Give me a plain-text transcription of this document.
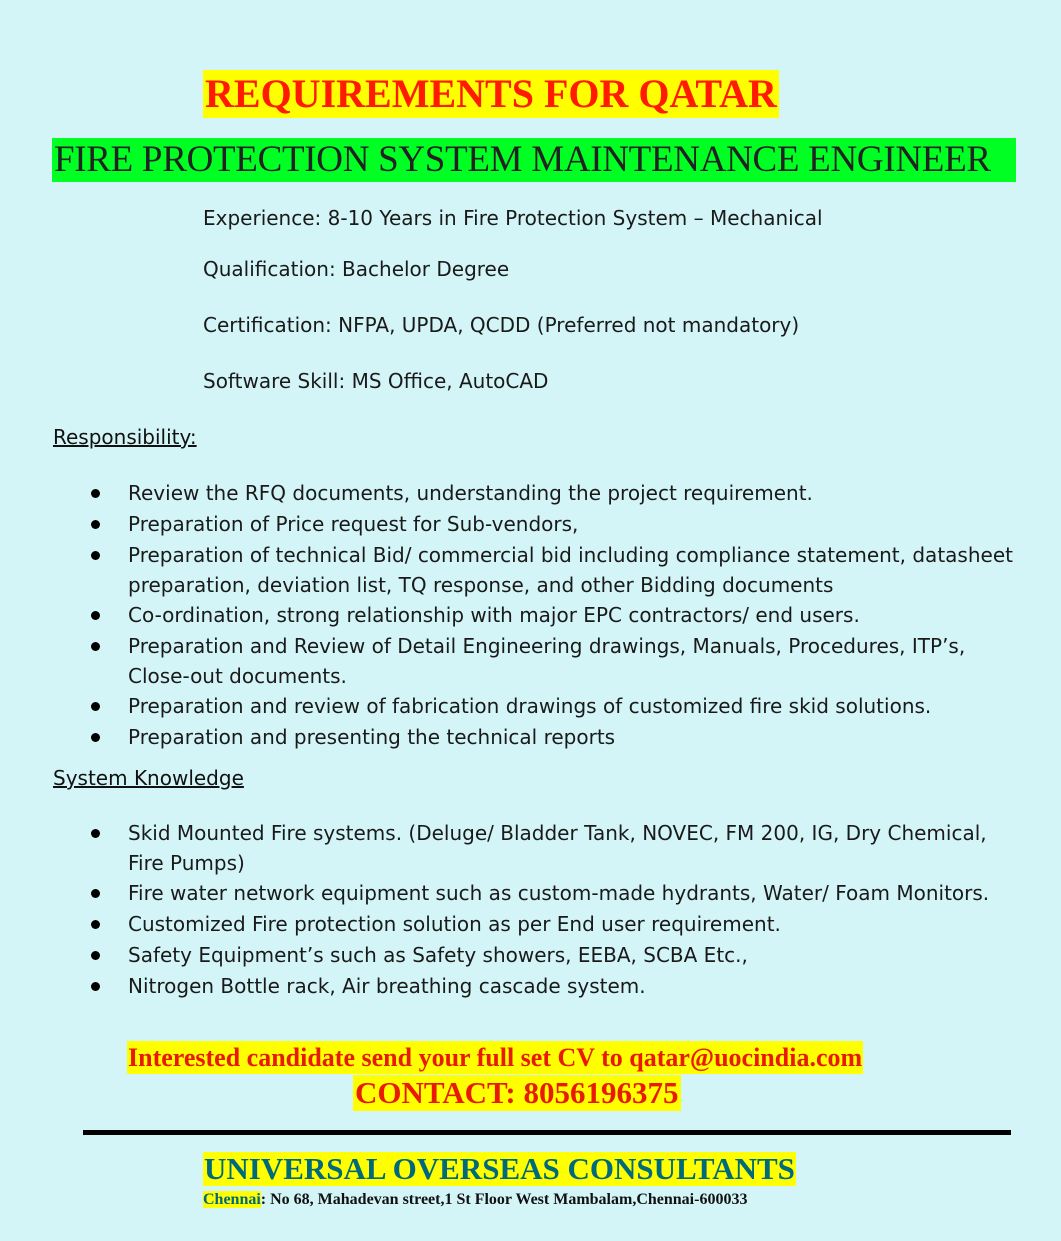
REQUIREMENTS FOR QATAR
FIRE PROTECTION SYSTEM MAINTENANCE ENGINEER
Experience: 8-10 Years in Fire Protection System – Mechanical
Qualification: Bachelor Degree
Certification: NFPA, UPDA, QCDD (Preferred not mandatory)
Software Skill: MS Office, AutoCAD
Responsibility:
Review the RFQ documents, understanding the project requirement.
Preparation of Price request for Sub-vendors,
Preparation of technical Bid/ commercial bid including compliance statement, datasheet
preparation, deviation list, TQ response, and other Bidding documents
Co-ordination, strong relationship with major EPC contractors/ end users.
Preparation and Review of Detail Engineering drawings, Manuals, Procedures, ITP’s,
Close-out documents.
Preparation and review of fabrication drawings of customized fire skid solutions.
Preparation and presenting the technical reports
System Knowledge
Skid Mounted Fire systems. (Deluge/ Bladder Tank, NOVEC, FM 200, IG, Dry Chemical,
Fire Pumps)
Fire water network equipment such as custom-made hydrants, Water/ Foam Monitors.
Customized Fire protection solution as per End user requirement.
Safety Equipment’s such as Safety showers, EEBA, SCBA Etc.,
Nitrogen Bottle rack, Air breathing cascade system.
Interested candidate send your full set CV to qatar@uocindia.com
CONTACT: 8056196375
UNIVERSAL OVERSEAS CONSULTANTS
Chennai: No 68, Mahadevan street,1 St Floor West Mambalam,Chennai-600033
